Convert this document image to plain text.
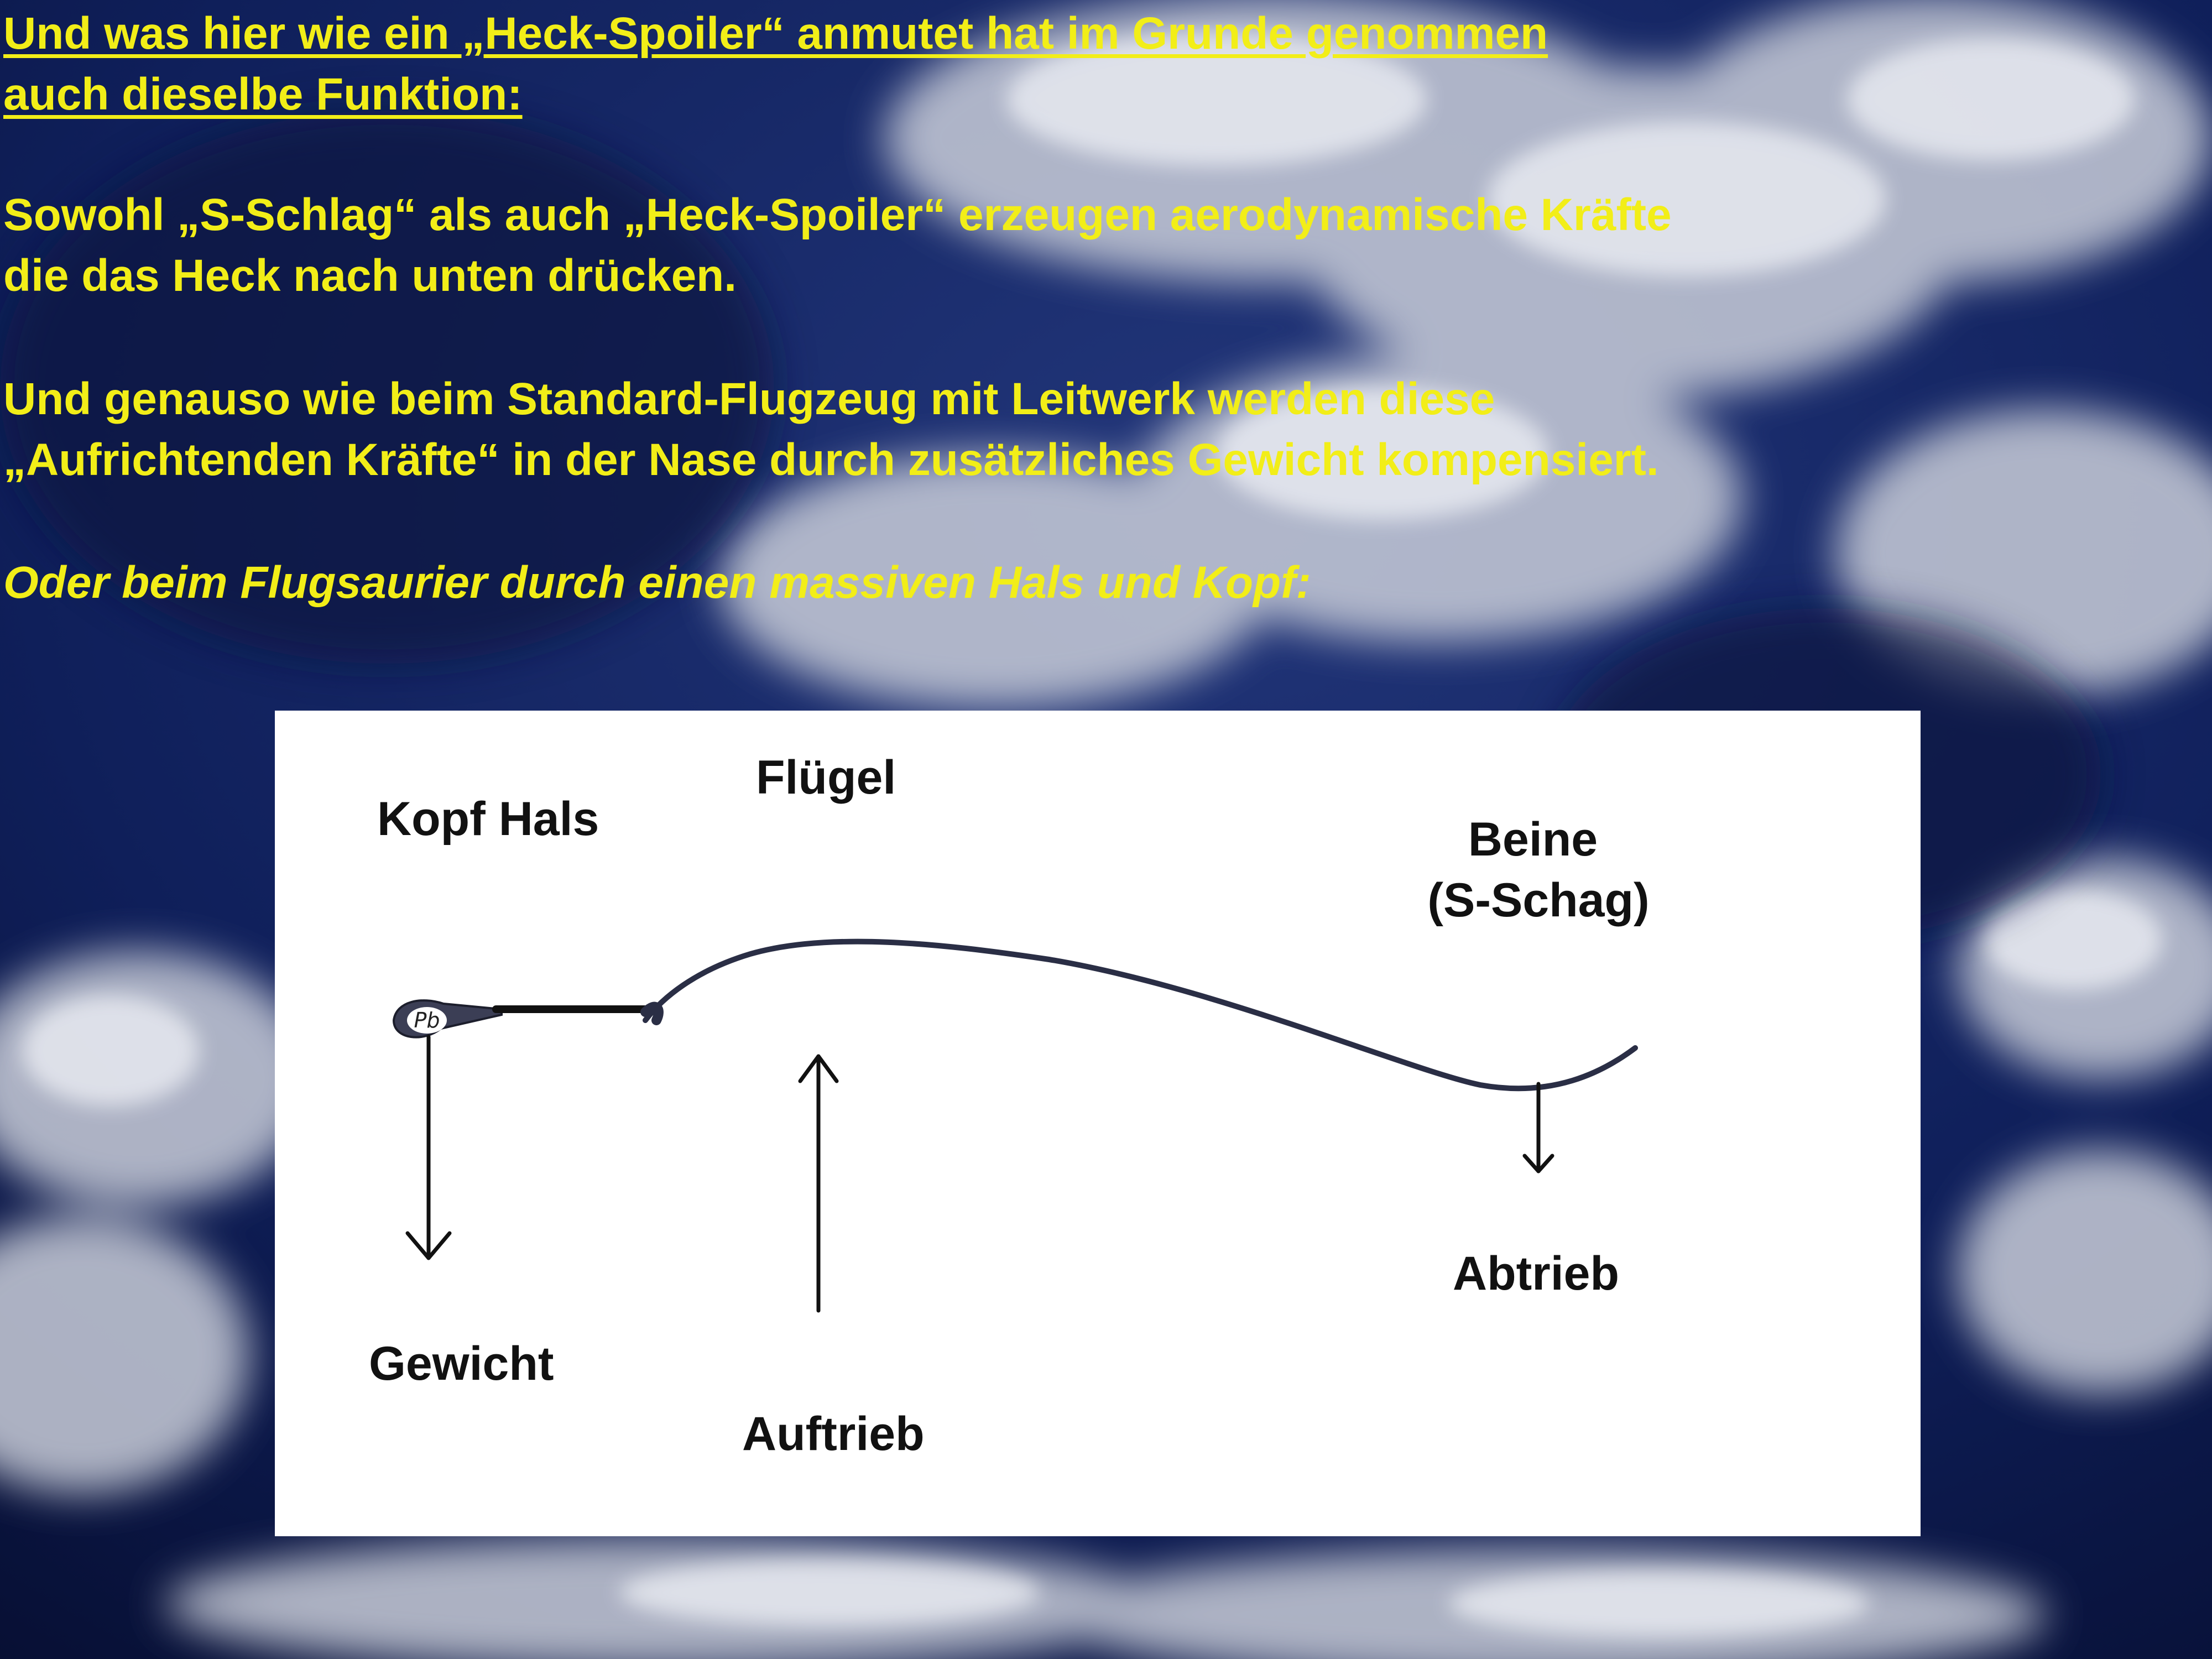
Und was hier wie ein „Heck-Spoiler“ anmutet hat im Grunde genommen
auch dieselbe Funktion:

Sowohl „S-Schlag“ als auch „Heck-Spoiler“ erzeugen aerodynamische Kräfte
die das Heck nach unten drücken.

Und genauso wie beim Standard-Flugzeug mit Leitwerk werden diese
„Aufrichtenden Kräfte“ in der Nase durch zusätzliches Gewicht kompensiert.

Oder beim Flugsaurier durch einen massiven Hals und Kopf:

Kopf Hals
Flügel
Beine
(S-Schag)
Gewicht
Auftrieb
Abtrieb
Pb
